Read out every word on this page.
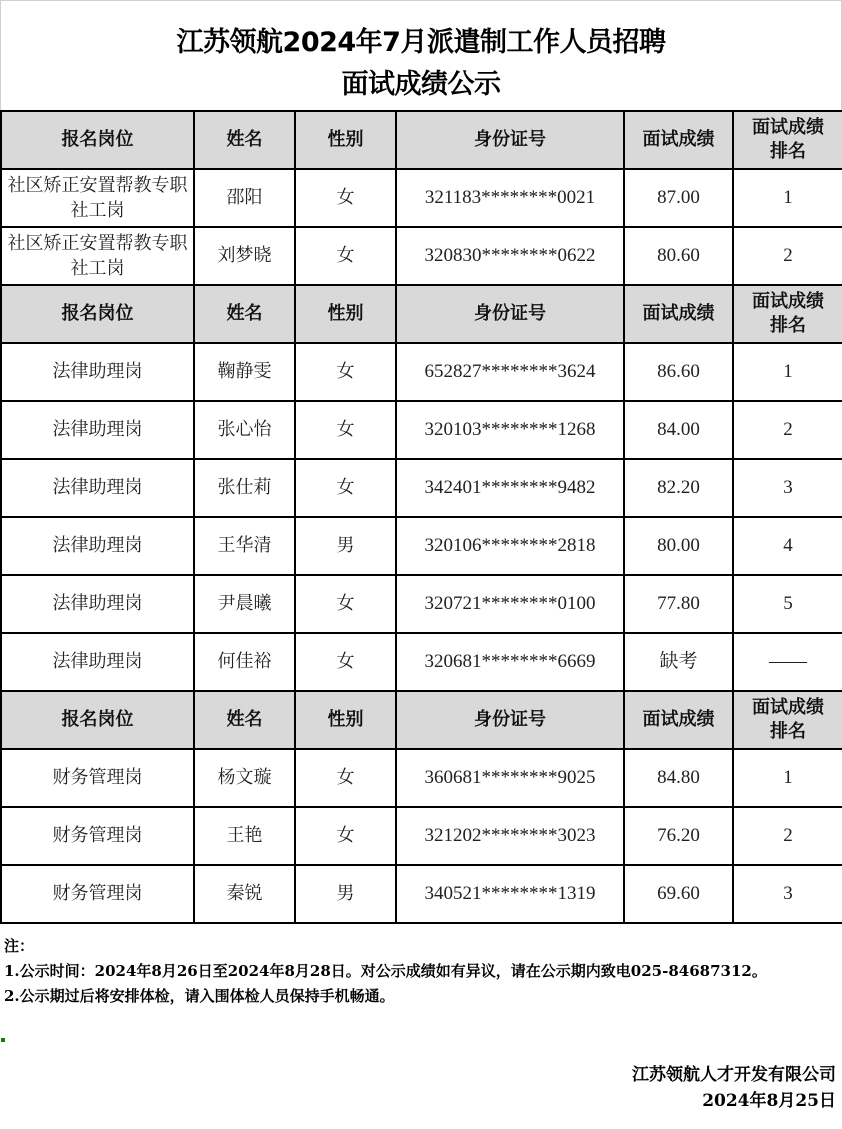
江苏领航2024年7月派遣制工作人员招聘
面试成绩公示
报名岗位	姓名	性别	身份证号	面试成绩	面试成绩
排名

社区矫正安置帮教专职社工岗	邵阳	女	321183********0021	87.00	1
社区矫正安置帮教专职社工岗	刘梦晓	女	320830********0622	80.60	2
报名岗位	姓名	性别	身份证号	面试成绩	面试成绩
排名

法律助理岗	鞠静雯	女	652827********3624	86.60	1
法律助理岗	张心怡	女	320103********1268	84.00	2
法律助理岗	张仕莉	女	342401********9482	82.20	3
法律助理岗	王华清	男	320106********2818	80.00	4
法律助理岗	尹晨曦	女	320721********0100	77.80	5
法律助理岗	何佳裕	女	320681********6669	缺考	——
报名岗位	姓名	性别	身份证号	面试成绩	面试成绩
排名

财务管理岗	杨文璇	女	360681********9025	84.80	1
财务管理岗	王艳	女	321202********3023	76.20	2
财务管理岗	秦锐	男	340521********1319	69.60	3
注：
1.公示时间：2024年8月26日至2024年8月28日。对公示成绩如有异议，请在公示期内致电025-84687312。
2.公示期过后将安排体检，请入围体检人员保持手机畅通。
江苏领航人才开发有限公司
2024年8月25日
